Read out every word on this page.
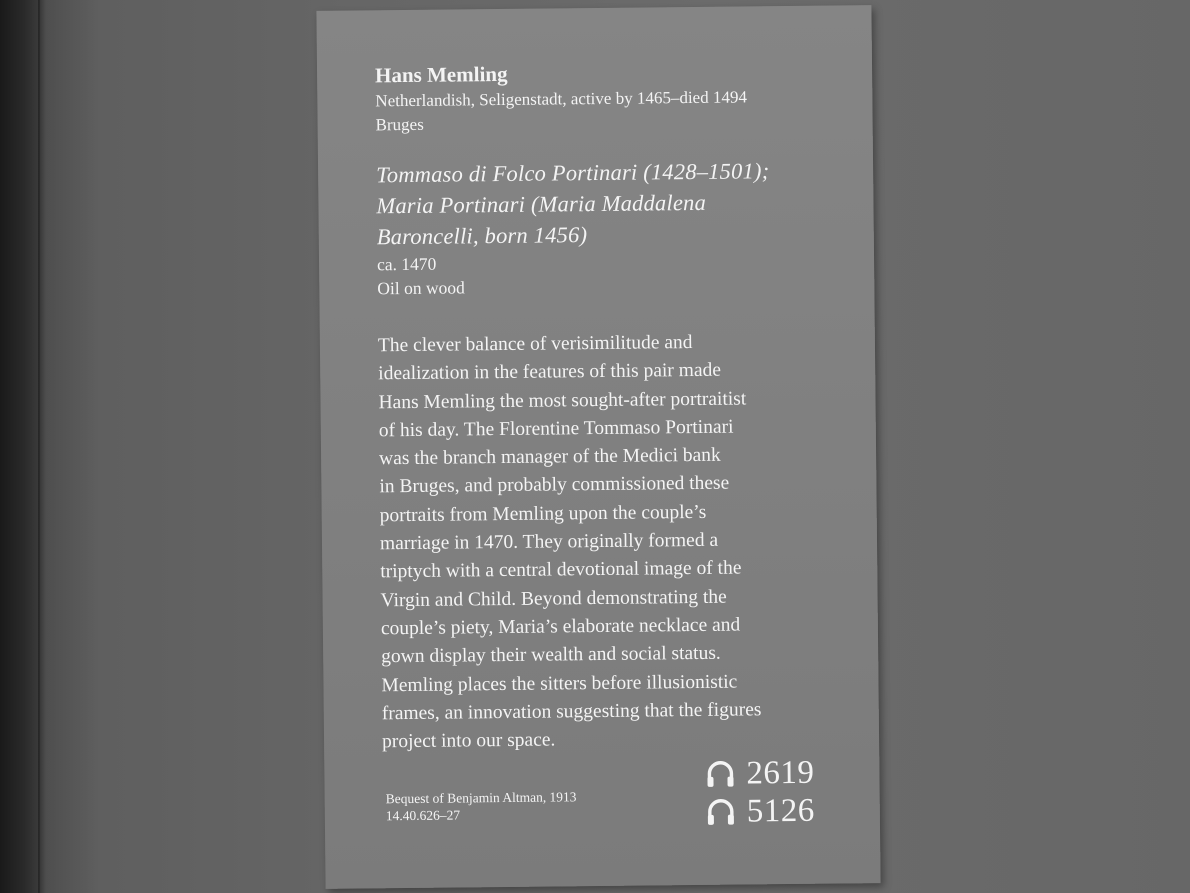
Hans Memling

Netherlandish, Seligenstadt, active by 1465–died 1494

Bruges

Tommaso di Folco Portinari (1428–1501);

Maria Portinari (Maria Maddalena

Baroncelli, born 1456)

ca. 1470

Oil on wood

The clever balance of verisimilitude and

idealization in the features of this pair made

Hans Memling the most sought-after portraitist

of his day. The Florentine Tommaso Portinari

was the branch manager of the Medici bank

in Bruges, and probably commissioned these

portraits from Memling upon the couple’s

marriage in 1470. They originally formed a

triptych with a central devotional image of the

Virgin and Child. Beyond demonstrating the

couple’s piety, Maria’s elaborate necklace and

gown display their wealth and social status.

Memling places the sitters before illusionistic

frames, an innovation suggesting that the figures

project into our space.

Bequest of Benjamin Altman, 1913

14.40.626–27

2619
5126
